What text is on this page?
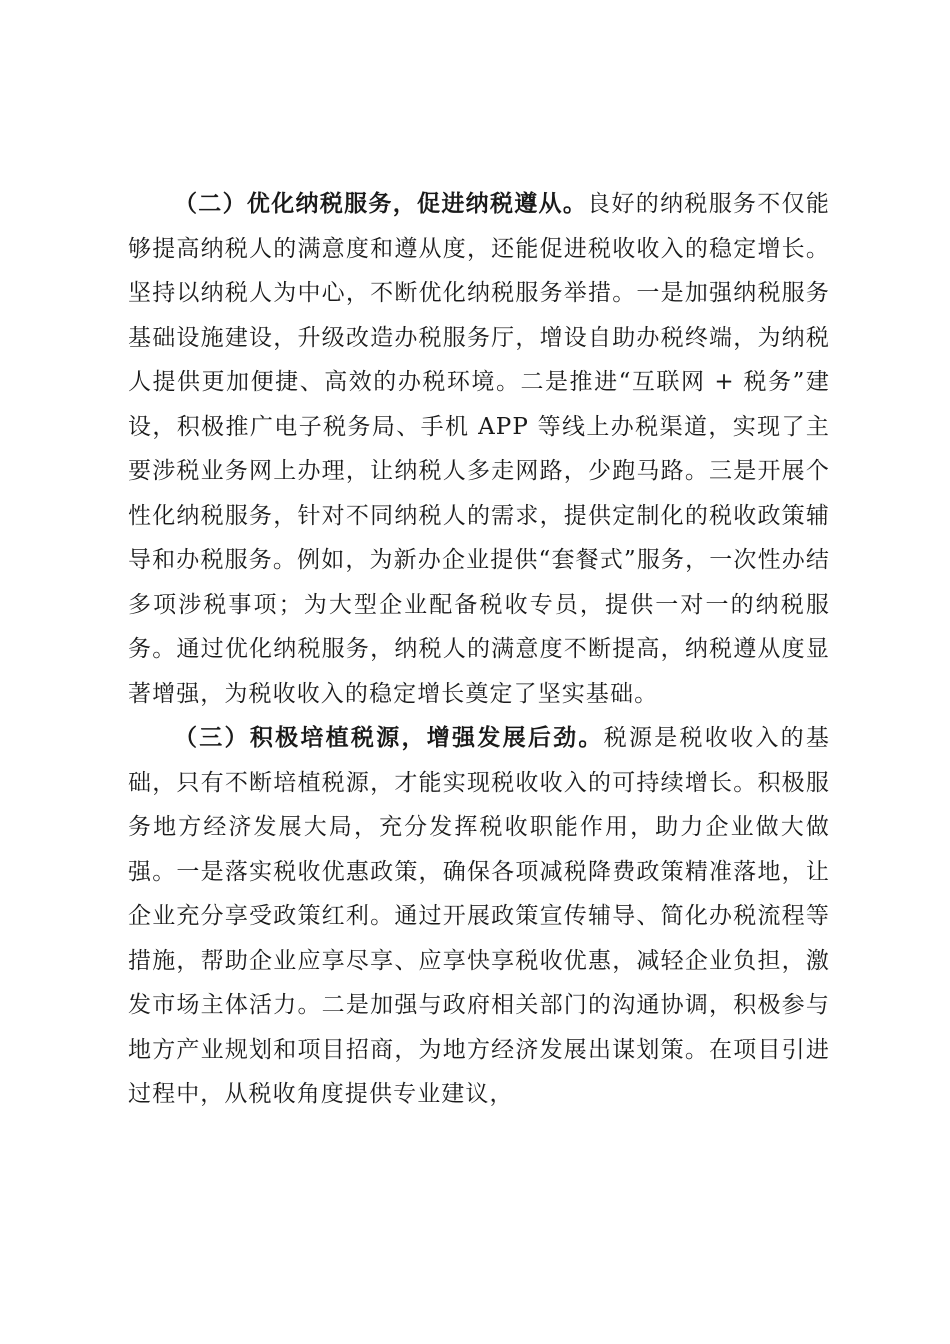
（二）优化纳税服务，促进纳税遵从。良好的纳税服务不仅能够提高纳税人的满意度和遵从度，还能促进税收收入的稳定增长。坚持以纳税人为中心，不断优化纳税服务举措。一是加强纳税服务基础设施建设，升级改造办税服务厅，增设自助办税终端，为纳税人提供更加便捷、高效的办税环境。二是推进“互联网 + 税务”建设，积极推广电子税务局、手机 APP 等线上办税渠道，实现了主要涉税业务网上办理，让纳税人多走网路，少跑马路。三是开展个性化纳税服务，针对不同纳税人的需求，提供定制化的税收政策辅导和办税服务。例如，为新办企业提供“套餐式”服务，一次性办结多项涉税事项；为大型企业配备税收专员，提供一对一的纳税服务。通过优化纳税服务，纳税人的满意度不断提高，纳税遵从度显著增强，为税收收入的稳定增长奠定了坚实基础。

（三）积极培植税源，增强发展后劲。税源是税收收入的基础，只有不断培植税源，才能实现税收收入的可持续增长。积极服务地方经济发展大局，充分发挥税收职能作用，助力企业做大做强。一是落实税收优惠政策，确保各项减税降费政策精准落地，让企业充分享受政策红利。通过开展政策宣传辅导、简化办税流程等措施，帮助企业应享尽享、应享快享税收优惠，减轻企业负担，激发市场主体活力。二是加强与政府相关部门的沟通协调，积极参与地方产业规划和项目招商，为地方经济发展出谋划策。在项目引进过程中，从税收角度提供专业建议，
